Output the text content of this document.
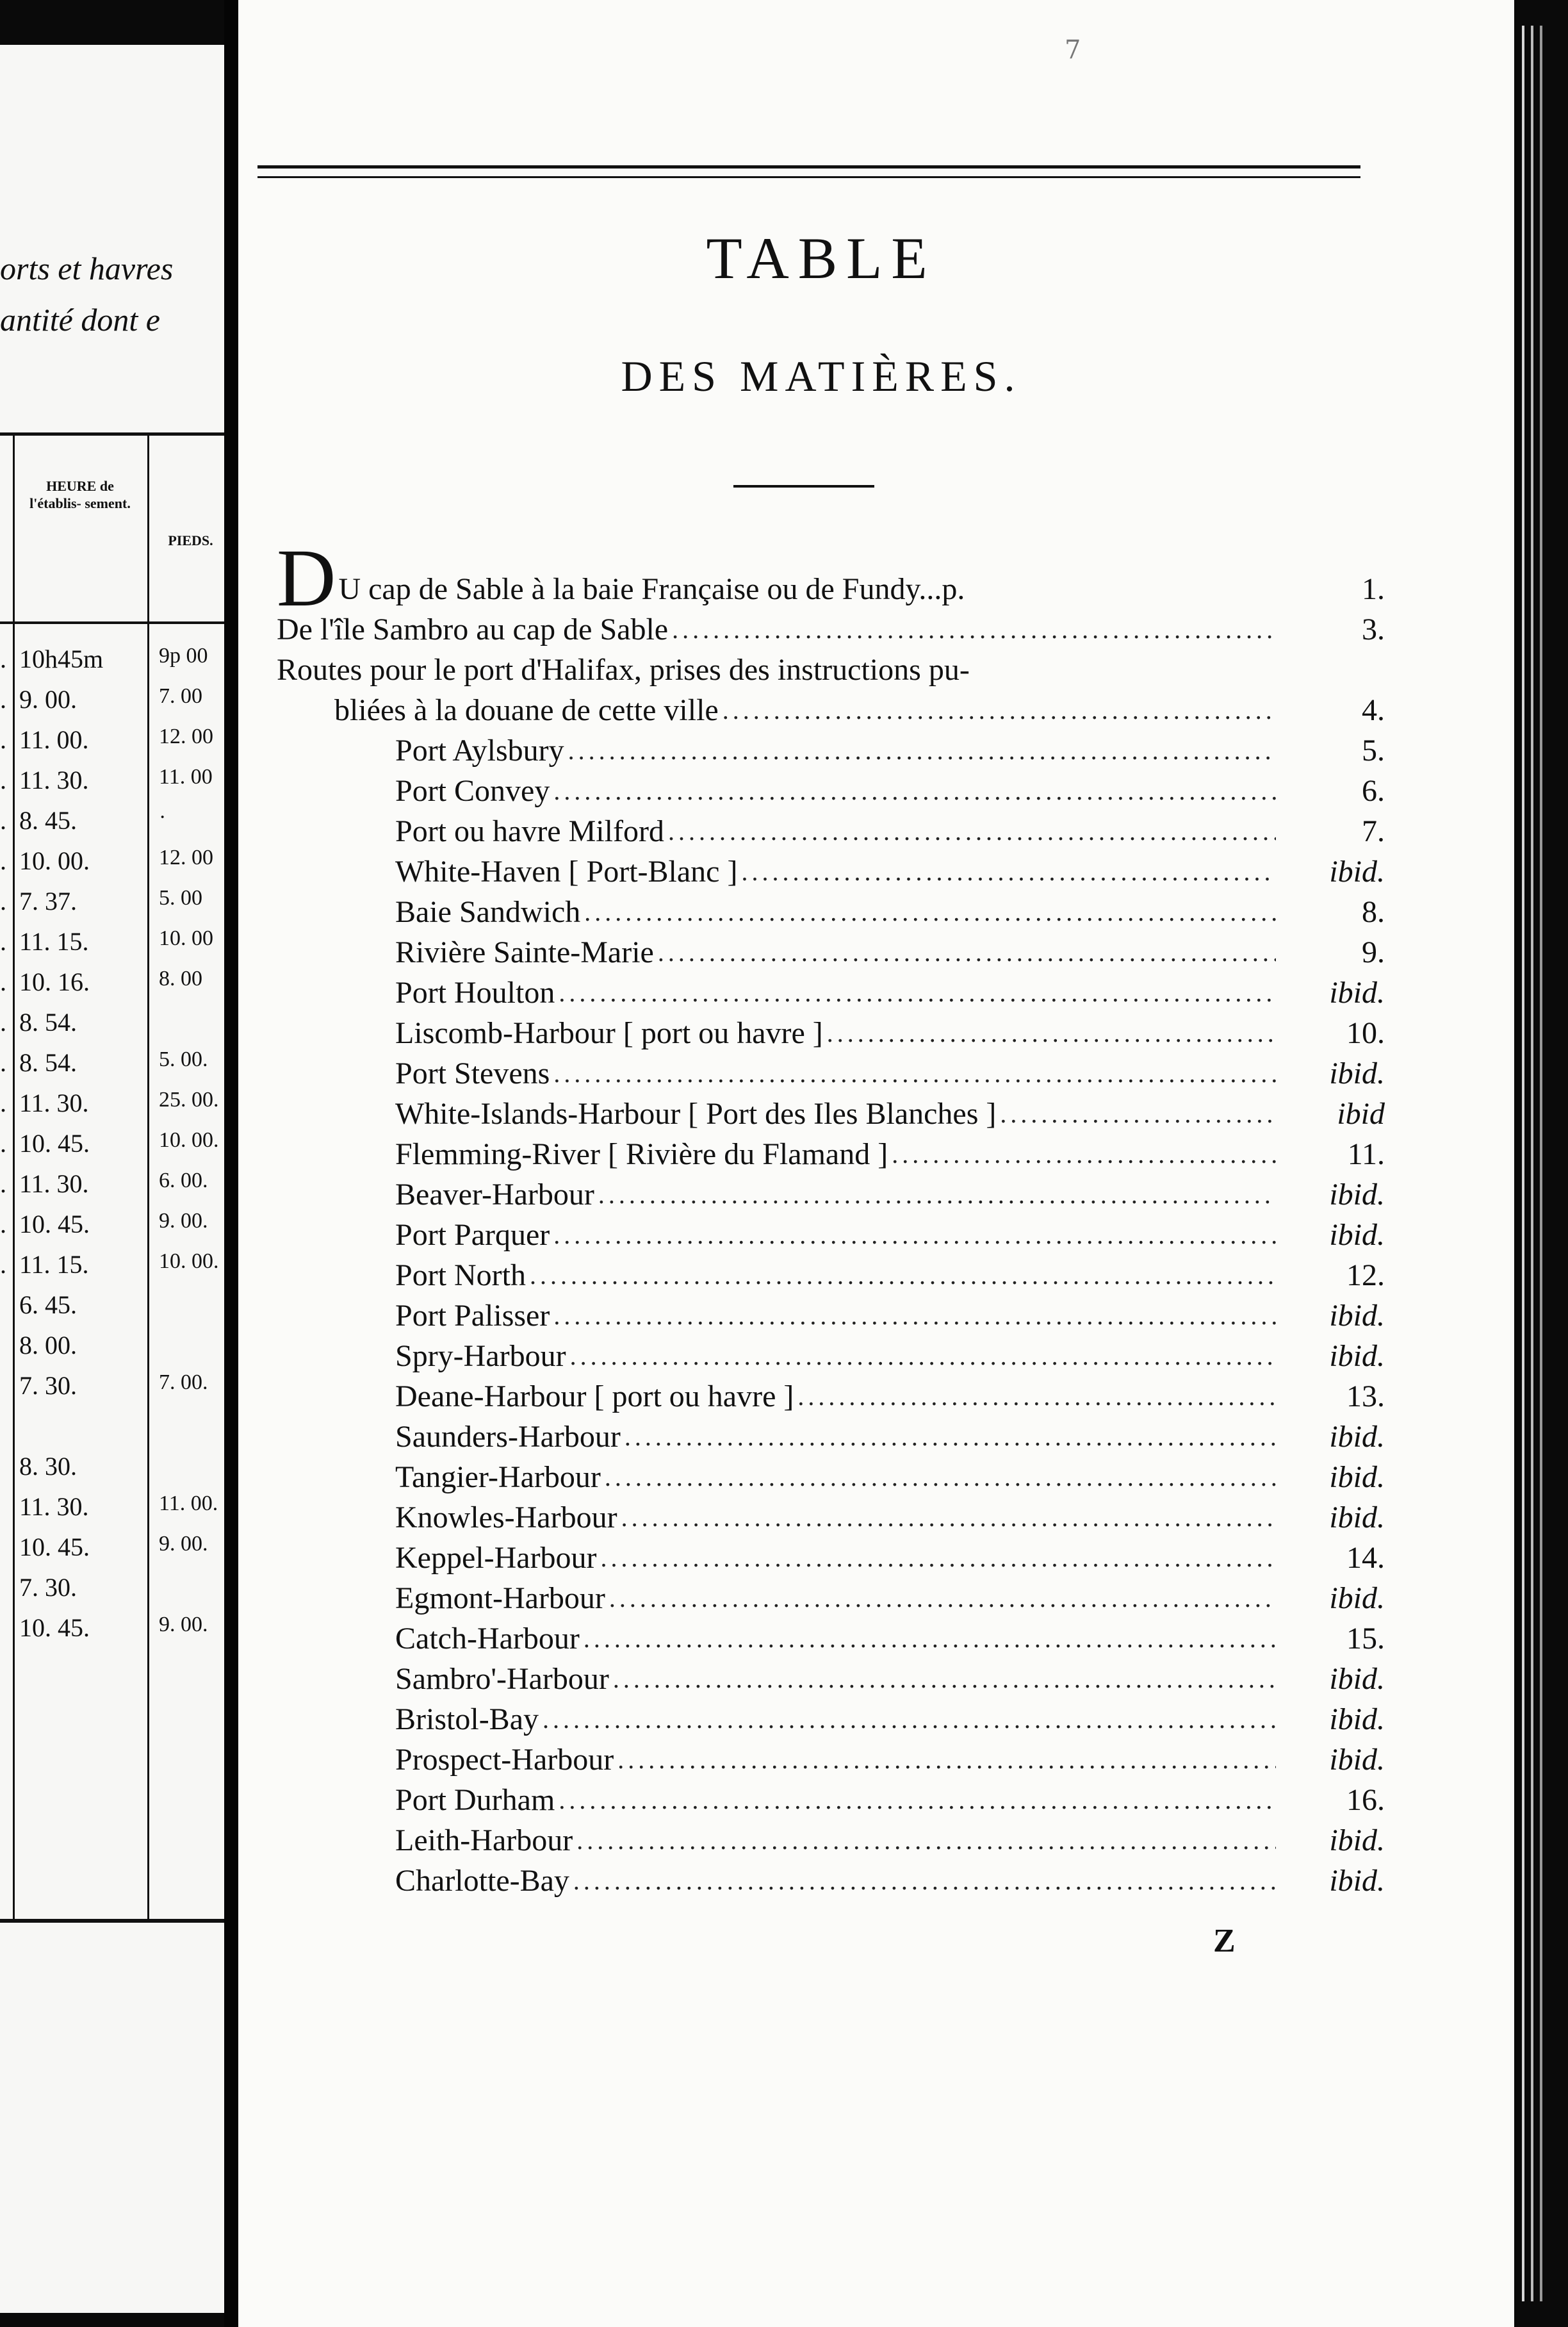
orts et havres
antité dont e
HEURE de l'établis- sement.
PIEDS.
. 10h45m	9p 00
. 9. 00.	7. 00
. 11. 00.	12. 00
. 11. 30.	11. 00
. 8. 45.	·
. 10. 00.	12. 00
. 7. 37.	5. 00
. 11. 15.	10. 00
. 10. 16.	8. 00
. 8. 54.
. 8. 54.	5. 00.
. 11. 30.	25. 00.
. 10. 45.	10. 00.
. 11. 30.	6. 00.
. 10. 45.	9. 00.
. 11. 15.	10. 00.
6. 45.
8. 00.
7. 30.	7. 00.
8. 30.
11. 30.	11. 00.
10. 45.	9. 00.
7. 30.
10. 45.	9. 00.
7
TABLE
DES MATIÈRES.
DU cap de Sable à la baie Française ou de Fundy...p.	1.
De l'île Sambro au cap de Sable .....	3.
Routes pour le port d'Halifax, prises des instructions pu-
bliées à la douane de cette ville .....	4.
Port Aylsbury .....	5.
Port Convey .....	6.
Port ou havre Milford .....	7.
White-Haven [ Port-Blanc ] .....	ibid.
Baie Sandwich .....	8.
Rivière Sainte-Marie .....	9.
Port Houlton .....	ibid.
Liscomb-Harbour [ port ou havre ] .....	10.
Port Stevens .....	ibid.
White-Islands-Harbour [ Port des Iles Blanches ] .....	ibid
Flemming-River [ Rivière du Flamand ] .....	11.
Beaver-Harbour .....	ibid.
Port Parquer .....	ibid.
Port North .....	12.
Port Palisser .....	ibid.
Spry-Harbour .....	ibid.
Deane-Harbour [ port ou havre ] .....	13.
Saunders-Harbour .....	ibid.
Tangier-Harbour .....	ibid.
Knowles-Harbour .....	ibid.
Keppel-Harbour .....	14.
Egmont-Harbour .....	ibid.
Catch-Harbour .....	15.
Sambro'-Harbour .....	ibid.
Bristol-Bay .....	ibid.
Prospect-Harbour .....	ibid.
Port Durham .....	16.
Leith-Harbour .....	ibid.
Charlotte-Bay .....	ibid.
Z
